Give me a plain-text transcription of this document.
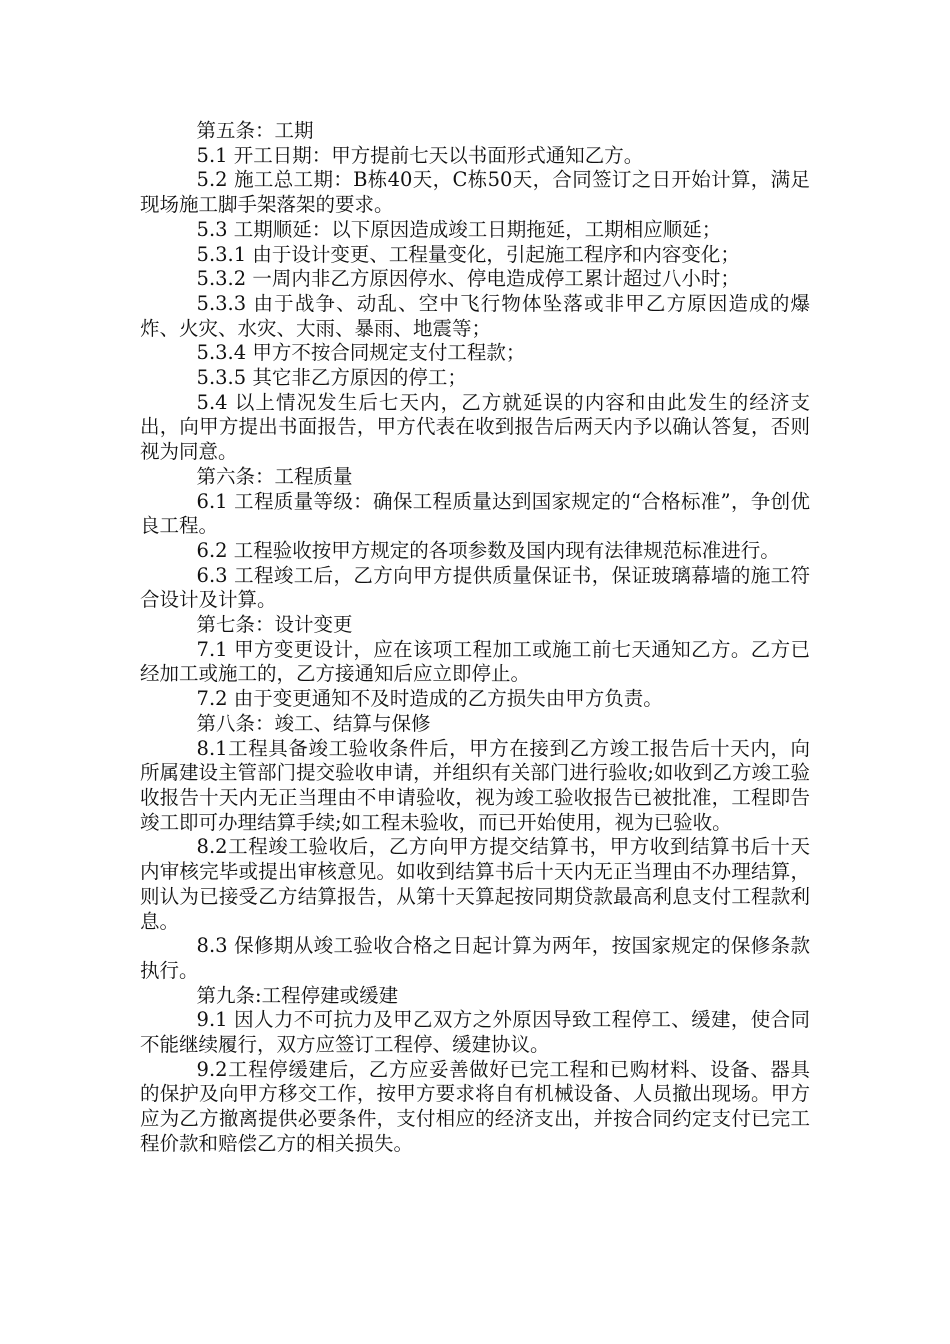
第五条：工期

5.1 开工日期：甲方提前七天以书面形式通知乙方。

5.2 施工总工期：B栋40天，C栋50天，合同签订之日开始计算，满足现场施工脚手架落架的要求。

5.3 工期顺延：以下原因造成竣工日期拖延，工期相应顺延；

5.3.1 由于设计变更、工程量变化，引起施工程序和内容变化；

5.3.2 一周内非乙方原因停水、停电造成停工累计超过八小时；

5.3.3 由于战争、动乱、空中飞行物体坠落或非甲乙方原因造成的爆炸、火灾、水灾、大雨、暴雨、地震等；

5.3.4 甲方不按合同规定支付工程款；

5.3.5 其它非乙方原因的停工；

5.4 以上情况发生后七天内，乙方就延误的内容和由此发生的经济支出，向甲方提出书面报告，甲方代表在收到报告后两天内予以确认答复，否则视为同意。

第六条：工程质量

6.1 工程质量等级：确保工程质量达到国家规定的“合格标准”，争创优良工程。

6.2 工程验收按甲方规定的各项参数及国内现有法律规范标准进行。

6.3 工程竣工后，乙方向甲方提供质量保证书，保证玻璃幕墙的施工符合设计及计算。

第七条：设计变更

7.1 甲方变更设计，应在该项工程加工或施工前七天通知乙方。乙方已经加工或施工的，乙方接通知后应立即停止。

7.2 由于变更通知不及时造成的乙方损失由甲方负责。

第八条：竣工、结算与保修

8.1工程具备竣工验收条件后，甲方在接到乙方竣工报告后十天内，向所属建设主管部门提交验收申请，并组织有关部门进行验收;如收到乙方竣工验收报告十天内无正当理由不申请验收，视为竣工验收报告已被批准，工程即告竣工即可办理结算手续;如工程未验收，而已开始使用，视为已验收。

8.2工程竣工验收后，乙方向甲方提交结算书，甲方收到结算书后十天内审核完毕或提出审核意见。如收到结算书后十天内无正当理由不办理结算，则认为已接受乙方结算报告，从第十天算起按同期贷款最高利息支付工程款利息。

8.3 保修期从竣工验收合格之日起计算为两年，按国家规定的保修条款执行。

第九条:工程停建或缓建

9.1 因人力不可抗力及甲乙双方之外原因导致工程停工、缓建，使合同不能继续履行，双方应签订工程停、缓建协议。

9.2工程停缓建后，乙方应妥善做好已完工程和已购材料、设备、器具的保护及向甲方移交工作，按甲方要求将自有机械设备、人员撤出现场。甲方应为乙方撤离提供必要条件，支付相应的经济支出，并按合同约定支付已完工程价款和赔偿乙方的相关损失。
